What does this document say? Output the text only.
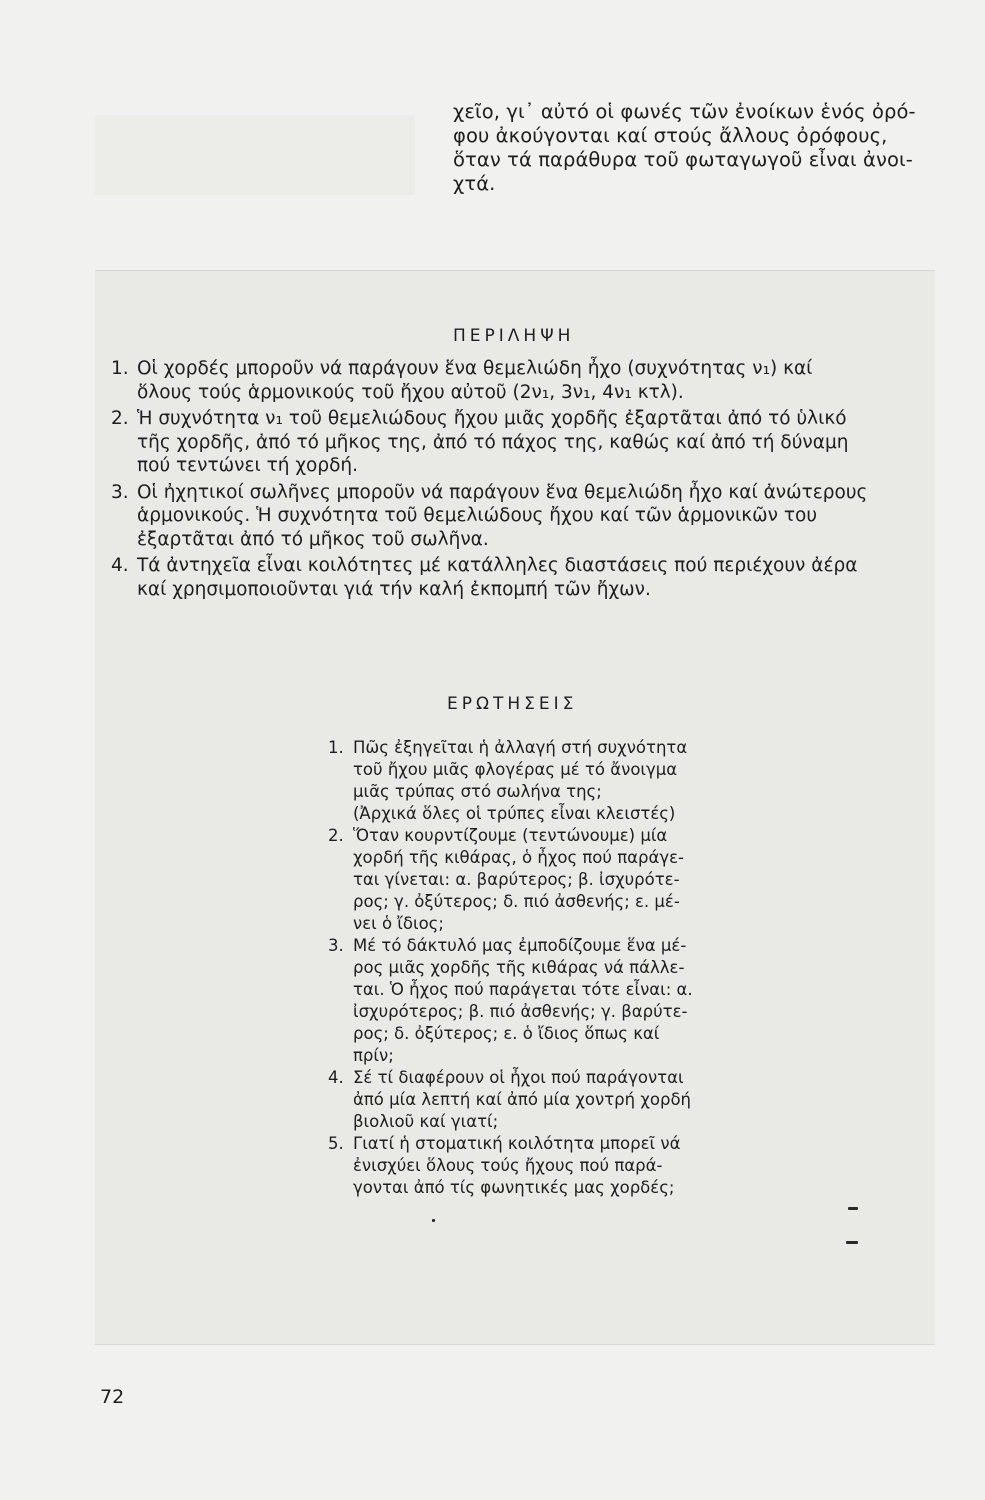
χεῖο, γι᾽ αὐτό οἱ φωνές τῶν ἐνοίκων ἑνός ὀρό-

φου ἀκούγονται καί στούς ἄλλους ὀρόφους,

ὅταν τά παράθυρα τοῦ φωταγωγοῦ εἶναι ἀνοι-

χτά.

ΠΕΡΙΛΗΨΗ
1. Οἱ χορδές μποροῦν νά παράγουν ἕνα θεμελιώδη ἦχο (συχνότητας ν₁) καί
ὅλους τούς ἁρμονικούς τοῦ ἤχου αὐτοῦ (2ν₁, 3ν₁, 4ν₁ κτλ).
2. Ἡ συχνότητα ν₁ τοῦ θεμελιώδους ἤχου μιᾶς χορδῆς ἐξαρτᾶται ἀπό τό ὑλικό
τῆς χορδῆς, ἀπό τό μῆκος της, ἀπό τό πάχος της, καθώς καί ἀπό τή δύναμη
πού τεντώνει τή χορδή.
3. Οἱ ἠχητικοί σωλῆνες μποροῦν νά παράγουν ἕνα θεμελιώδη ἦχο καί ἀνώτερους
ἁρμονικούς. Ἡ συχνότητα τοῦ θεμελιώδους ἤχου καί τῶν ἁρμονικῶν του
ἐξαρτᾶται ἀπό τό μῆκος τοῦ σωλῆνα.
4. Τά ἀντηχεῖα εἶναι κοιλότητες μέ κατάλληλες διαστάσεις πού περιέχουν ἀέρα
καί χρησιμοποιοῦνται γιά τήν καλή ἐκπομπή τῶν ἤχων.
ΕΡΩΤΗΣΕΙΣ
1. Πῶς ἐξηγεῖται ἡ ἀλλαγή στή συχνότητα
τοῦ ἤχου μιᾶς φλογέρας μέ τό ἄνοιγμα
μιᾶς τρύπας στό σωλήνα της;
(Ἀρχικά ὅλες οἱ τρύπες εἶναι κλειστές)
2. Ὅταν κουρντίζουμε (τεντώνουμε) μία
χορδή τῆς κιθάρας, ὁ ἦχος πού παράγε-
ται γίνεται: α. βαρύτερος; β. ἰσχυρότε-
ρος; γ. ὀξύτερος; δ. πιό ἀσθενής; ε. μέ-
νει ὁ ἴδιος;
3. Μέ τό δάκτυλό μας ἐμποδίζουμε ἕνα μέ-
ρος μιᾶς χορδῆς τῆς κιθάρας νά πάλλε-
ται. Ὁ ἦχος πού παράγεται τότε εἶναι: α.
ἰσχυρότερος; β. πιό ἀσθενής; γ. βαρύτε-
ρος; δ. ὀξύτερος; ε. ὁ ἴδιος ὅπως καί
πρίν;
4. Σέ τί διαφέρουν οἱ ἦχοι πού παράγονται
ἀπό μία λεπτή καί ἀπό μία χοντρή χορδή
βιολιοῦ καί γιατί;
5. Γιατί ἡ στοματική κοιλότητα μπορεῖ νά
ἐνισχύει ὅλους τούς ἤχους πού παρά-
γονται ἀπό τίς φωνητικές μας χορδές;
72
